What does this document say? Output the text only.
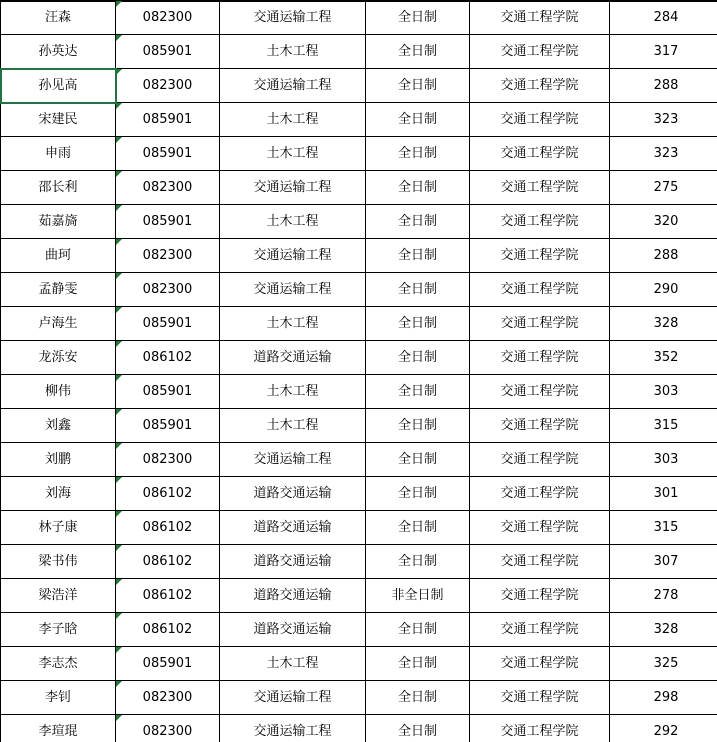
汪森	082300	交通运输工程	全日制	交通工程学院	284
孙英达	085901	土木工程	全日制	交通工程学院	317
孙见高	082300	交通运输工程	全日制	交通工程学院	288
宋建民	085901	土木工程	全日制	交通工程学院	323
申雨	085901	土木工程	全日制	交通工程学院	323
邵长利	082300	交通运输工程	全日制	交通工程学院	275
茹嘉旖	085901	土木工程	全日制	交通工程学院	320
曲珂	082300	交通运输工程	全日制	交通工程学院	288
孟静雯	082300	交通运输工程	全日制	交通工程学院	290
卢海生	085901	土木工程	全日制	交通工程学院	328
龙泺安	086102	道路交通运输	全日制	交通工程学院	352
柳伟	085901	土木工程	全日制	交通工程学院	303
刘鑫	085901	土木工程	全日制	交通工程学院	315
刘鹏	082300	交通运输工程	全日制	交通工程学院	303
刘海	086102	道路交通运输	全日制	交通工程学院	301
林子康	086102	道路交通运输	全日制	交通工程学院	315
梁书伟	086102	道路交通运输	全日制	交通工程学院	307
梁浩洋	086102	道路交通运输	非全日制	交通工程学院	278
李子晗	086102	道路交通运输	全日制	交通工程学院	328
李志杰	085901	土木工程	全日制	交通工程学院	325
李钊	082300	交通运输工程	全日制	交通工程学院	298
李瑄琨	082300	交通运输工程	全日制	交通工程学院	292
